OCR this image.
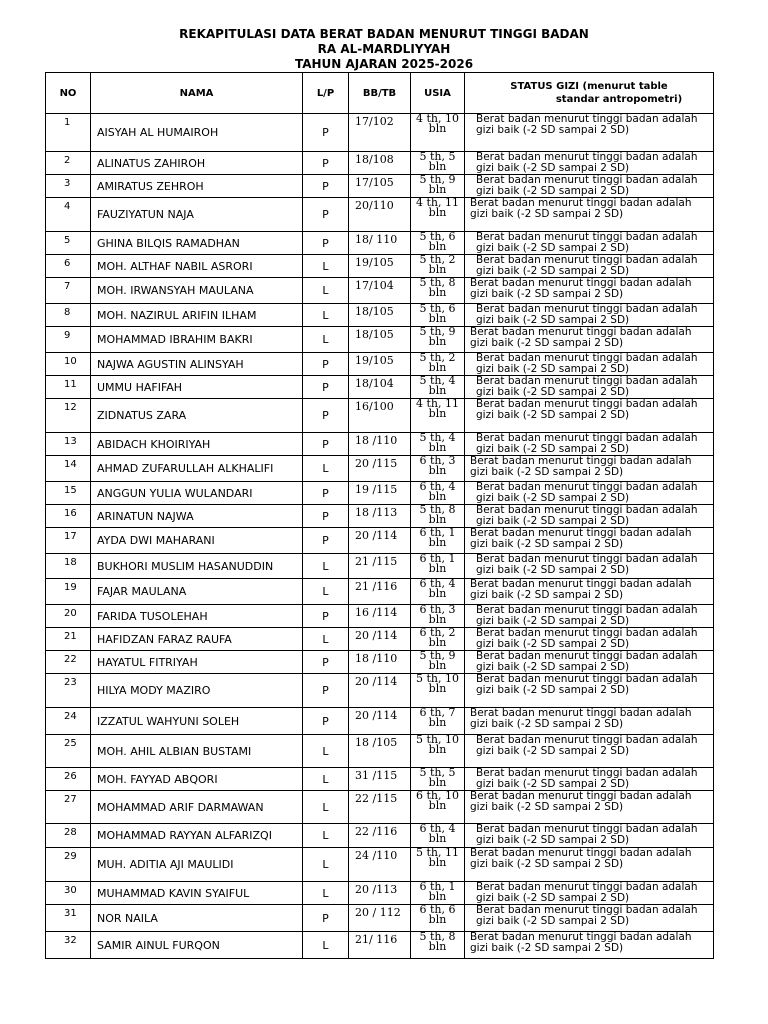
REKAPITULASI DATA BERAT BADAN MENURUT TINGGI BADAN
RA AL-MARDLIYYAH
TAHUN AJARAN 2025-2026
NO	NAMA	L/P	BB/TB	USIA	STATUS GIZI (menurut table
standar antropometri)

1	AISYAH AL HUMAIROH	P	17/102	4 th, 10 bln	Berat badan menurut tinggi badan adalah gizi baik (-2 SD sampai 2 SD)
2	ALINATUS ZAHIROH	P	18/108	5 th, 5 bln	Berat badan menurut tinggi badan adalah gizi baik (-2 SD sampai 2 SD)
3	AMIRATUS ZEHROH	P	17/105	5 th, 9 bln	Berat badan menurut tinggi badan adalah gizi baik (-2 SD sampai 2 SD)
4	FAUZIYATUN NAJA	P	20/110	4 th, 11 bln	Berat badan menurut tinggi badan adalah gizi baik (-2 SD sampai 2 SD)
5	GHINA BILQIS RAMADHAN	P	18/ 110	5 th, 6 bln	Berat badan menurut tinggi badan adalah gizi baik (-2 SD sampai 2 SD)
6	MOH. ALTHAF NABIL ASRORI	L	19/105	5 th, 2 bln	Berat badan menurut tinggi badan adalah gizi baik (-2 SD sampai 2 SD)
7	MOH. IRWANSYAH MAULANA	L	17/104	5 th, 8 bln	Berat badan menurut tinggi badan adalah gizi baik (-2 SD sampai 2 SD)
8	MOH. NAZIRUL ARIFIN ILHAM	L	18/105	5 th, 6 bln	Berat badan menurut tinggi badan adalah gizi baik (-2 SD sampai 2 SD)
9	MOHAMMAD IBRAHIM BAKRI	L	18/105	5 th, 9 bln	Berat badan menurut tinggi badan adalah gizi baik (-2 SD sampai 2 SD)
10	NAJWA AGUSTIN ALINSYAH	P	19/105	5 th, 2 bln	Berat badan menurut tinggi badan adalah gizi baik (-2 SD sampai 2 SD)
11	UMMU HAFIFAH	P	18/104	5 th, 4 bln	Berat badan menurut tinggi badan adalah gizi baik (-2 SD sampai 2 SD)
12	ZIDNATUS ZARA	P	16/100	4 th, 11 bln	Berat badan menurut tinggi badan adalah gizi baik (-2 SD sampai 2 SD)
13	ABIDACH KHOIRIYAH	P	18 /110	5 th, 4 bln	Berat badan menurut tinggi badan adalah gizi baik (-2 SD sampai 2 SD)
14	AHMAD ZUFARULLAH ALKHALIFI	L	20 /115	6 th, 3 bln	Berat badan menurut tinggi badan adalah gizi baik (-2 SD sampai 2 SD)
15	ANGGUN YULIA WULANDARI	P	19 /115	6 th, 4 bln	Berat badan menurut tinggi badan adalah gizi baik (-2 SD sampai 2 SD)
16	ARINATUN NAJWA	P	18 /113	5 th, 8 bln	Berat badan menurut tinggi badan adalah gizi baik (-2 SD sampai 2 SD)
17	AYDA DWI MAHARANI	P	20 /114	6 th, 1 bln	Berat badan menurut tinggi badan adalah gizi baik (-2 SD sampai 2 SD)
18	BUKHORI MUSLIM HASANUDDIN	L	21 /115	6 th, 1 bln	Berat badan menurut tinggi badan adalah gizi baik (-2 SD sampai 2 SD)
19	FAJAR MAULANA	L	21 /116	6 th, 4 bln	Berat badan menurut tinggi badan adalah gizi baik (-2 SD sampai 2 SD)
20	FARIDA TUSOLEHAH	P	16 /114	6 th, 3 bln	Berat badan menurut tinggi badan adalah gizi baik (-2 SD sampai 2 SD)
21	HAFIDZAN FARAZ RAUFA	L	20 /114	6 th, 2 bln	Berat badan menurut tinggi badan adalah gizi baik (-2 SD sampai 2 SD)
22	HAYATUL FITRIYAH	P	18 /110	5 th, 9 bln	Berat badan menurut tinggi badan adalah gizi baik (-2 SD sampai 2 SD)
23	HILYA MODY MAZIRO	P	20 /114	5 th, 10 bln	Berat badan menurut tinggi badan adalah gizi baik (-2 SD sampai 2 SD)
24	IZZATUL WAHYUNI SOLEH	P	20 /114	6 th, 7 bln	Berat badan menurut tinggi badan adalah gizi baik (-2 SD sampai 2 SD)
25	MOH. AHIL ALBIAN BUSTAMI	L	18 /105	5 th, 10 bln	Berat badan menurut tinggi badan adalah gizi baik (-2 SD sampai 2 SD)
26	MOH. FAYYAD ABQORI	L	31 /115	5 th, 5 bln	Berat badan menurut tinggi badan adalah gizi baik (-2 SD sampai 2 SD)
27	MOHAMMAD ARIF DARMAWAN	L	22 /115	6 th, 10 bln	Berat badan menurut tinggi badan adalah gizi baik (-2 SD sampai 2 SD)
28	MOHAMMAD RAYYAN ALFARIZQI	L	22 /116	6 th, 4 bln	Berat badan menurut tinggi badan adalah gizi baik (-2 SD sampai 2 SD)
29	MUH. ADITIA AJI MAULIDI	L	24 /110	5 th, 11 bln	Berat badan menurut tinggi badan adalah gizi baik (-2 SD sampai 2 SD)
30	MUHAMMAD KAVIN SYAIFUL	L	20 /113	6 th, 1 bln	Berat badan menurut tinggi badan adalah gizi baik (-2 SD sampai 2 SD)
31	NOR NAILA	P	20 / 112	6 th, 6 bln	Berat badan menurut tinggi badan adalah gizi baik (-2 SD sampai 2 SD)
32	SAMIR AINUL FURQON	L	21/ 116	5 th, 8 bln	Berat badan menurut tinggi badan adalah gizi baik (-2 SD sampai 2 SD)
